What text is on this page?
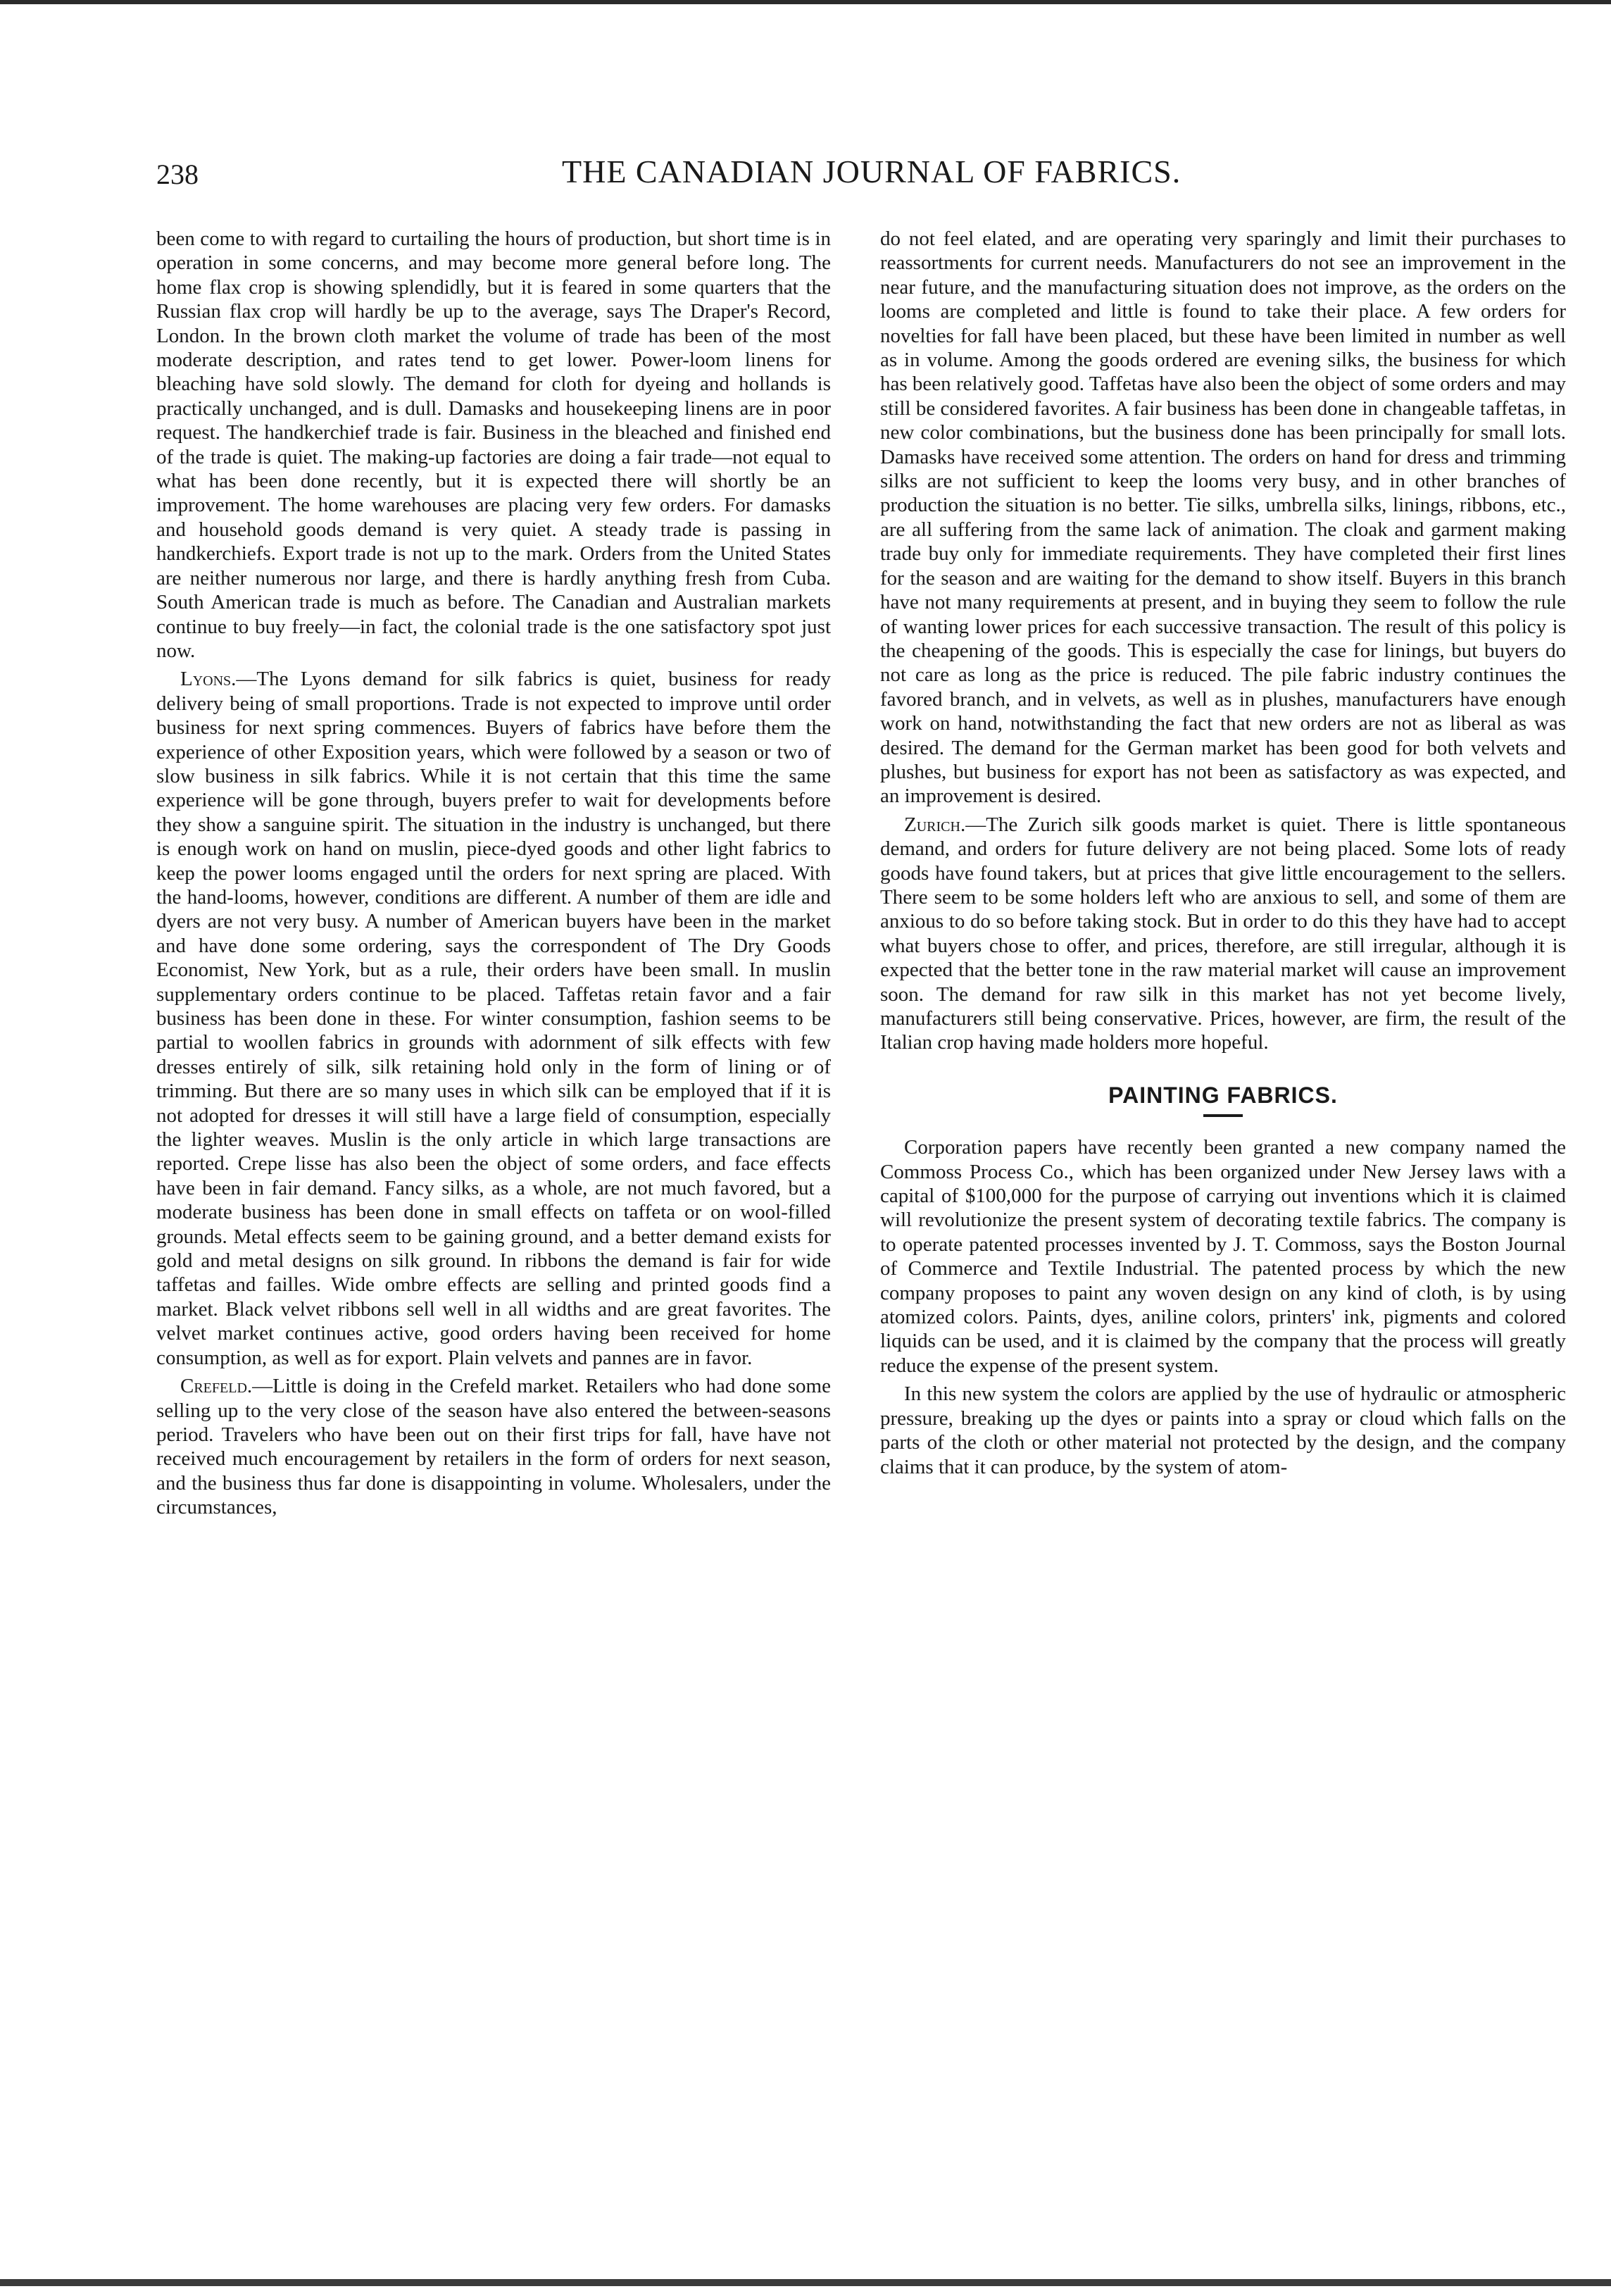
238	THE CANADIAN JOURNAL OF FABRICS.

been come to with regard to curtailing the hours of production, but short time is in operation in some concerns, and may become more general before long. The home flax crop is showing splendidly, but it is feared in some quarters that the Russian flax crop will hardly be up to the average, says The Draper's Record, London. In the brown cloth market the volume of trade has been of the most moderate description, and rates tend to get lower. Power-loom linens for bleaching have sold slowly. The demand for cloth for dyeing and hollands is practically unchanged, and is dull. Damasks and housekeeping linens are in poor request. The handkerchief trade is fair. Business in the bleached and finished end of the trade is quiet. The making-up factories are doing a fair trade—not equal to what has been done recently, but it is expected there will shortly be an improvement. The home warehouses are placing very few orders. For damasks and household goods demand is very quiet. A steady trade is passing in handkerchiefs. Export trade is not up to the mark. Orders from the United States are neither numerous nor large, and there is hardly anything fresh from Cuba. South American trade is much as before. The Canadian and Australian markets continue to buy freely—in fact, the colonial trade is the one satisfactory spot just now.

Lyons.—The Lyons demand for silk fabrics is quiet, business for ready delivery being of small proportions. Trade is not expected to improve until order business for next spring commences. Buyers of fabrics have before them the experience of other Exposition years, which were followed by a season or two of slow business in silk fabrics. While it is not certain that this time the same experience will be gone through, buyers prefer to wait for developments before they show a sanguine spirit. The situation in the industry is unchanged, but there is enough work on hand on muslin, piece-dyed goods and other light fabrics to keep the power looms engaged until the orders for next spring are placed. With the hand-looms, however, conditions are different. A number of them are idle and dyers are not very busy. A number of American buyers have been in the market and have done some ordering, says the correspondent of The Dry Goods Economist, New York, but as a rule, their orders have been small. In muslin supplementary orders continue to be placed. Taffetas retain favor and a fair business has been done in these. For winter consumption, fashion seems to be partial to woollen fabrics in grounds with adornment of silk effects with few dresses entirely of silk, silk retaining hold only in the form of lining or of trimming. But there are so many uses in which silk can be employed that if it is not adopted for dresses it will still have a large field of consumption, especially the lighter weaves. Muslin is the only article in which large transactions are reported. Crepe lisse has also been the object of some orders, and face effects have been in fair demand. Fancy silks, as a whole, are not much favored, but a moderate business has been done in small effects on taffeta or on wool-filled grounds. Metal effects seem to be gaining ground, and a better demand exists for gold and metal designs on silk ground. In ribbons the demand is fair for wide taffetas and failles. Wide ombre effects are selling and printed goods find a market. Black velvet ribbons sell well in all widths and are great favorites. The velvet market continues active, good orders having been received for home consumption, as well as for export. Plain velvets and pannes are in favor.

Crefeld.—Little is doing in the Crefeld market. Retailers who had done some selling up to the very close of the season have also entered the between-seasons period. Travelers who have been out on their first trips for fall, have have not received much encouragement by retailers in the form of orders for next season, and the business thus far done is disappointing in volume. Wholesalers, under the circumstances,

do not feel elated, and are operating very sparingly and limit their purchases to reassortments for current needs. Manufacturers do not see an improvement in the near future, and the manufacturing situation does not improve, as the orders on the looms are completed and little is found to take their place. A few orders for novelties for fall have been placed, but these have been limited in number as well as in volume. Among the goods ordered are evening silks, the business for which has been relatively good. Taffetas have also been the object of some orders and may still be considered favorites. A fair business has been done in changeable taffetas, in new color combinations, but the business done has been principally for small lots. Damasks have received some attention. The orders on hand for dress and trimming silks are not sufficient to keep the looms very busy, and in other branches of production the situation is no better. Tie silks, umbrella silks, linings, ribbons, etc., are all suffering from the same lack of animation. The cloak and garment making trade buy only for immediate requirements. They have completed their first lines for the season and are waiting for the demand to show itself. Buyers in this branch have not many requirements at present, and in buying they seem to follow the rule of wanting lower prices for each successive transaction. The result of this policy is the cheapening of the goods. This is especially the case for linings, but buyers do not care as long as the price is reduced. The pile fabric industry continues the favored branch, and in velvets, as well as in plushes, manufacturers have enough work on hand, notwithstanding the fact that new orders are not as liberal as was desired. The demand for the German market has been good for both velvets and plushes, but business for export has not been as satisfactory as was expected, and an improvement is desired.

Zurich.—The Zurich silk goods market is quiet. There is little spontaneous demand, and orders for future delivery are not being placed. Some lots of ready goods have found takers, but at prices that give little encouragement to the sellers. There seem to be some holders left who are anxious to sell, and some of them are anxious to do so before taking stock. But in order to do this they have had to accept what buyers chose to offer, and prices, therefore, are still irregular, although it is expected that the better tone in the raw material market will cause an improvement soon. The demand for raw silk in this market has not yet become lively, manufacturers still being conservative. Prices, however, are firm, the result of the Italian crop having made holders more hopeful.

PAINTING FABRICS.

Corporation papers have recently been granted a new company named the Commoss Process Co., which has been organized under New Jersey laws with a capital of $100,000 for the purpose of carrying out inventions which it is claimed will revolutionize the present system of decorating textile fabrics. The company is to operate patented processes invented by J. T. Commoss, says the Boston Journal of Commerce and Textile Industrial. The patented process by which the new company proposes to paint any woven design on any kind of cloth, is by using atomized colors. Paints, dyes, aniline colors, printers' ink, pigments and colored liquids can be used, and it is claimed by the company that the process will greatly reduce the expense of the present system.

In this new system the colors are applied by the use of hydraulic or atmospheric pressure, breaking up the dyes or paints into a spray or cloud which falls on the parts of the cloth or other material not protected by the design, and the company claims that it can produce, by the system of atom-
